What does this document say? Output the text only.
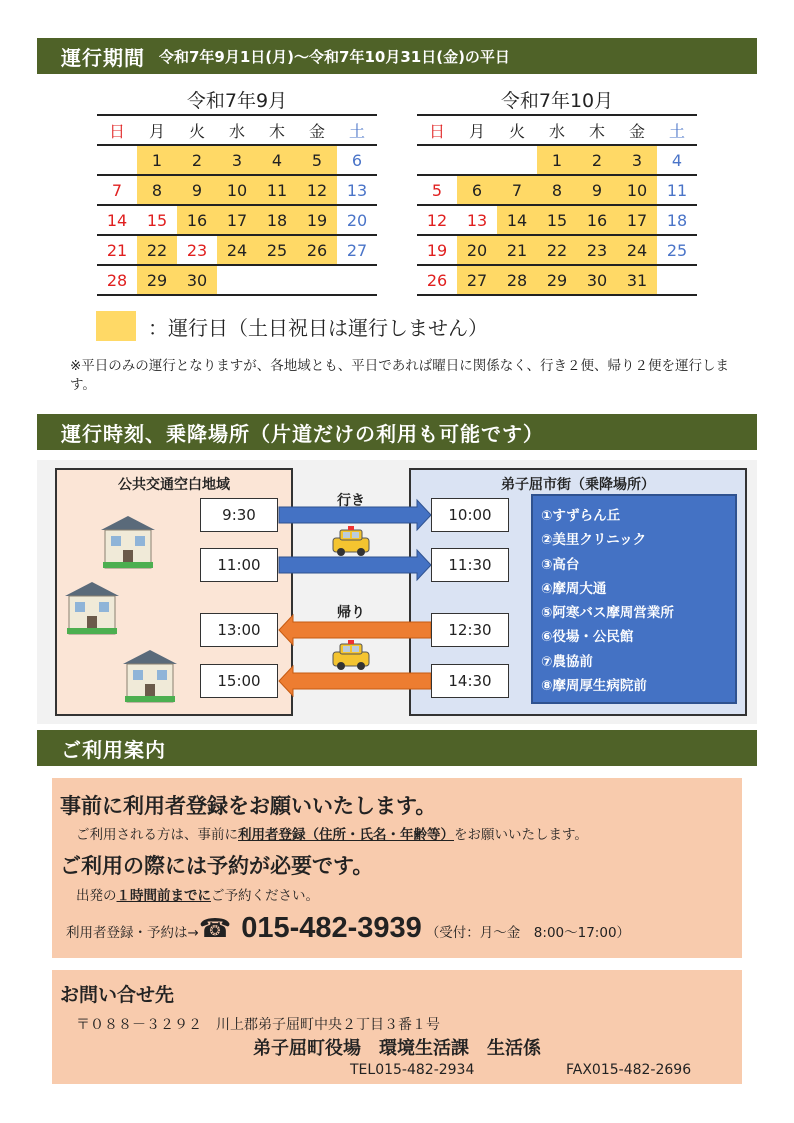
運行期間 令和7年9月1日(月)～令和7年10月31日(金)の平日
令和7年9月
日	月	火	水	木	金	土
	1	2	3	4	5	6
7	8	9	10	11	12	13
14	15	16	17	18	19	20
21	22	23	24	25	26	27
28	29	30				
令和7年10月
日	月	火	水	木	金	土
			1	2	3	4
5	6	7	8	9	10	11
12	13	14	15	16	17	18
19	20	21	22	23	24	25
26	27	28	29	30	31	
：運行日（土日祝日は運行しません）
※平日のみの運行となりますが、各地域とも、平日であれば曜日に関係なく、行き２便、帰り２便を運行します。
運行時刻、乗降場所（片道だけの利用も可能です）
公共交通空白地域	弟子屈市街（乗降場所）
①すずらん丘
②美里クリニック
③高台
④摩周大通
⑤阿寒バス摩周営業所
⑥役場・公民館
⑦農協前
⑧摩周厚生病院前
行き
帰り
9:30
11:00
13:00
15:00
10:00
11:30
12:30
14:30
ご利用案内
事前に利用者登録をお願いいたします。
ご利用される方は、事前に利用者登録（住所・氏名・年齢等）をお願いいたします。
ご利用の際には予約が必要です。
出発の１時間前までにご予約ください。
利用者登録・予約は→ ☎ 015-482-3939 （受付：月～金　8:00～17:00）
お問い合せ先
〒０８８－３２９２　川上郡弟子屈町中央２丁目３番１号
弟子屈町役場　環境生活課　生活係
TEL015-482-2934	FAX015-482-2696
